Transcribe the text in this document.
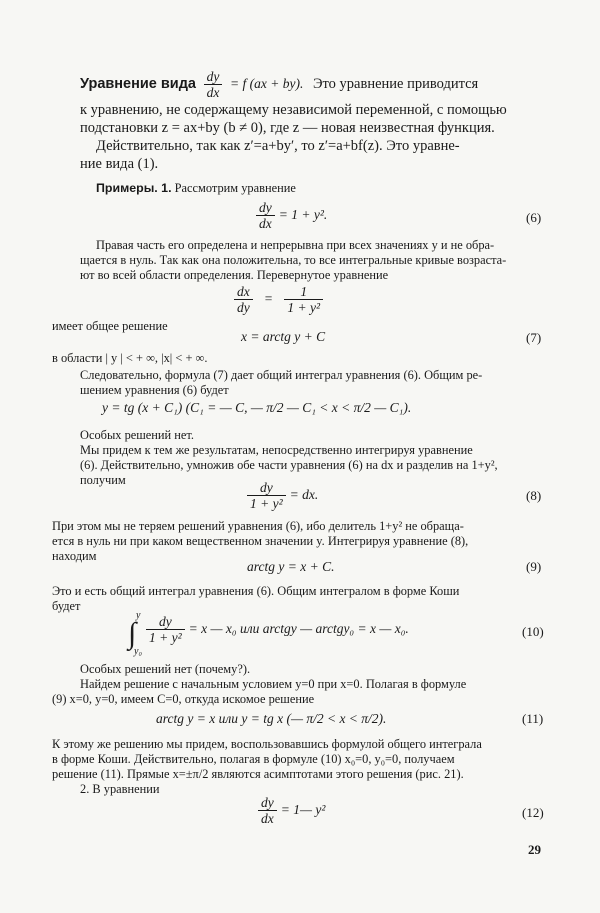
Уравнение вида $\frac{dy}{dx} = f$ (ax + by). Это уравнение приводится
к уравнению, не содержащему независимой переменной, с помощью
подстановки z = ax+by (b ≠ 0), где z — новая неизвестная функция.
Действительно, так как z′=a+by′, то z′=a+bf(z). Это уравне-
ние вида (1).
Примеры. 1. Рассмотрим уравнение
$\frac{dy}{dx} = 1 + y^2$.	(6)
Правая часть его определена и непрерывна при всех значениях y и не обра-
щается в нуль. Так как она положительна, то все интегральные кривые возраста-
ют во всей области определения. Перевернутое уравнение
$\frac{dx}{dy} = \frac{1}{\text{1 + y²}}$
имеет общее решение
x = arctg y + C	(7)
в области | y | < + ∞, |x| < + ∞.
Следовательно, формула (7) дает общий интеграл уравнения (6). Общим ре-
шением уравнения (6) будет
y = tg (x + C₁) (C₁ = — C, — π/2 — C₁ < x < π/2 — C₁).
Особых решений нет.
Мы придем к тем же результатам, непосредственно интегрируя уравнение
(6). Действительно, умножив обе части уравнения (6) на dx и разделив на 1+y²,
получим	$\frac{dy}{\text{1 + y²}}$ = dx.	(8)
При этом мы не теряем решений уравнения (6), ибо делитель 1+y² не обраща-
ется в нуль ни при каком вещественном значении y. Интегрируя уравнение (8),
находим
arctg y = x + C.	(9)
Это и есть общий интеграл уравнения (6). Общим интегралом в форме Коши
будет
y
∫
y₀
$\frac{dy}{\text{1 + y²}} = x$ — x₀ или arctgy — arctgy₀ = x — x₀.	(10)
Особых решений нет (почему?).
Найдем решение с начальным условием y=0 при x=0. Полагая в формуле
(9) x=0, y=0, имеем C=0, откуда искомое решение
arctg y = x или y = tg x (— π/2 < x < π/2).	(11)
К этому же решению мы придем, воспользовавшись формулой общего интеграла
в форме Коши. Действительно, полагая в формуле (10) x₀=0, y₀=0, получаем
решение (11). Прямые x=±π/2 являются асимптотами этого решения (рис. 21).
2. В уравнении
$\frac{dy}{dx}$ = 1— y²	(12)
29
